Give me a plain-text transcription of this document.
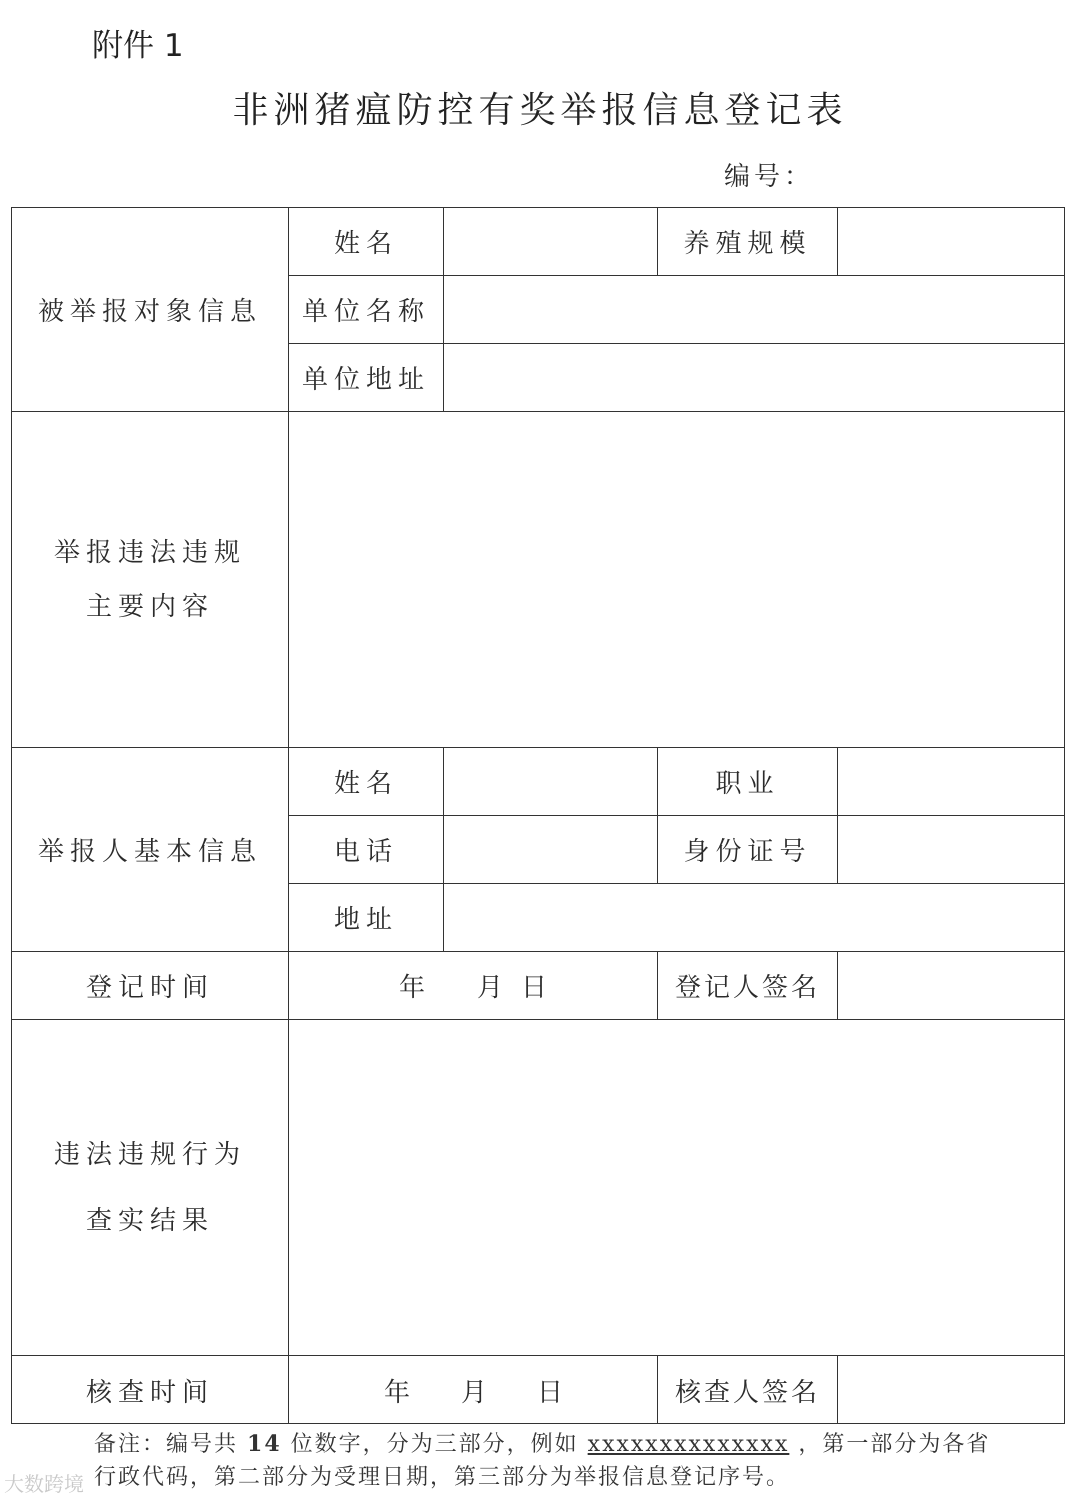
附件 1
非洲猪瘟防控有奖举报信息登记表
编号：
被举报对象信息
姓名	养殖规模
单位名称
单位地址
举报违法违规
主要内容
举报人基本信息
姓名	职业
电话	身份证号
地址
登记时间	年 月 日	登记人签名
违法违规行为
查实结果
核查时间	年 月 日	核查人签名
备注：编号共 14 位数字，分为三部分，例如 xxxxxxxxxxxxxx ，第一部分为各省行政代码，第二部分为受理日期，第三部分为举报信息登记序号。
大数跨境
